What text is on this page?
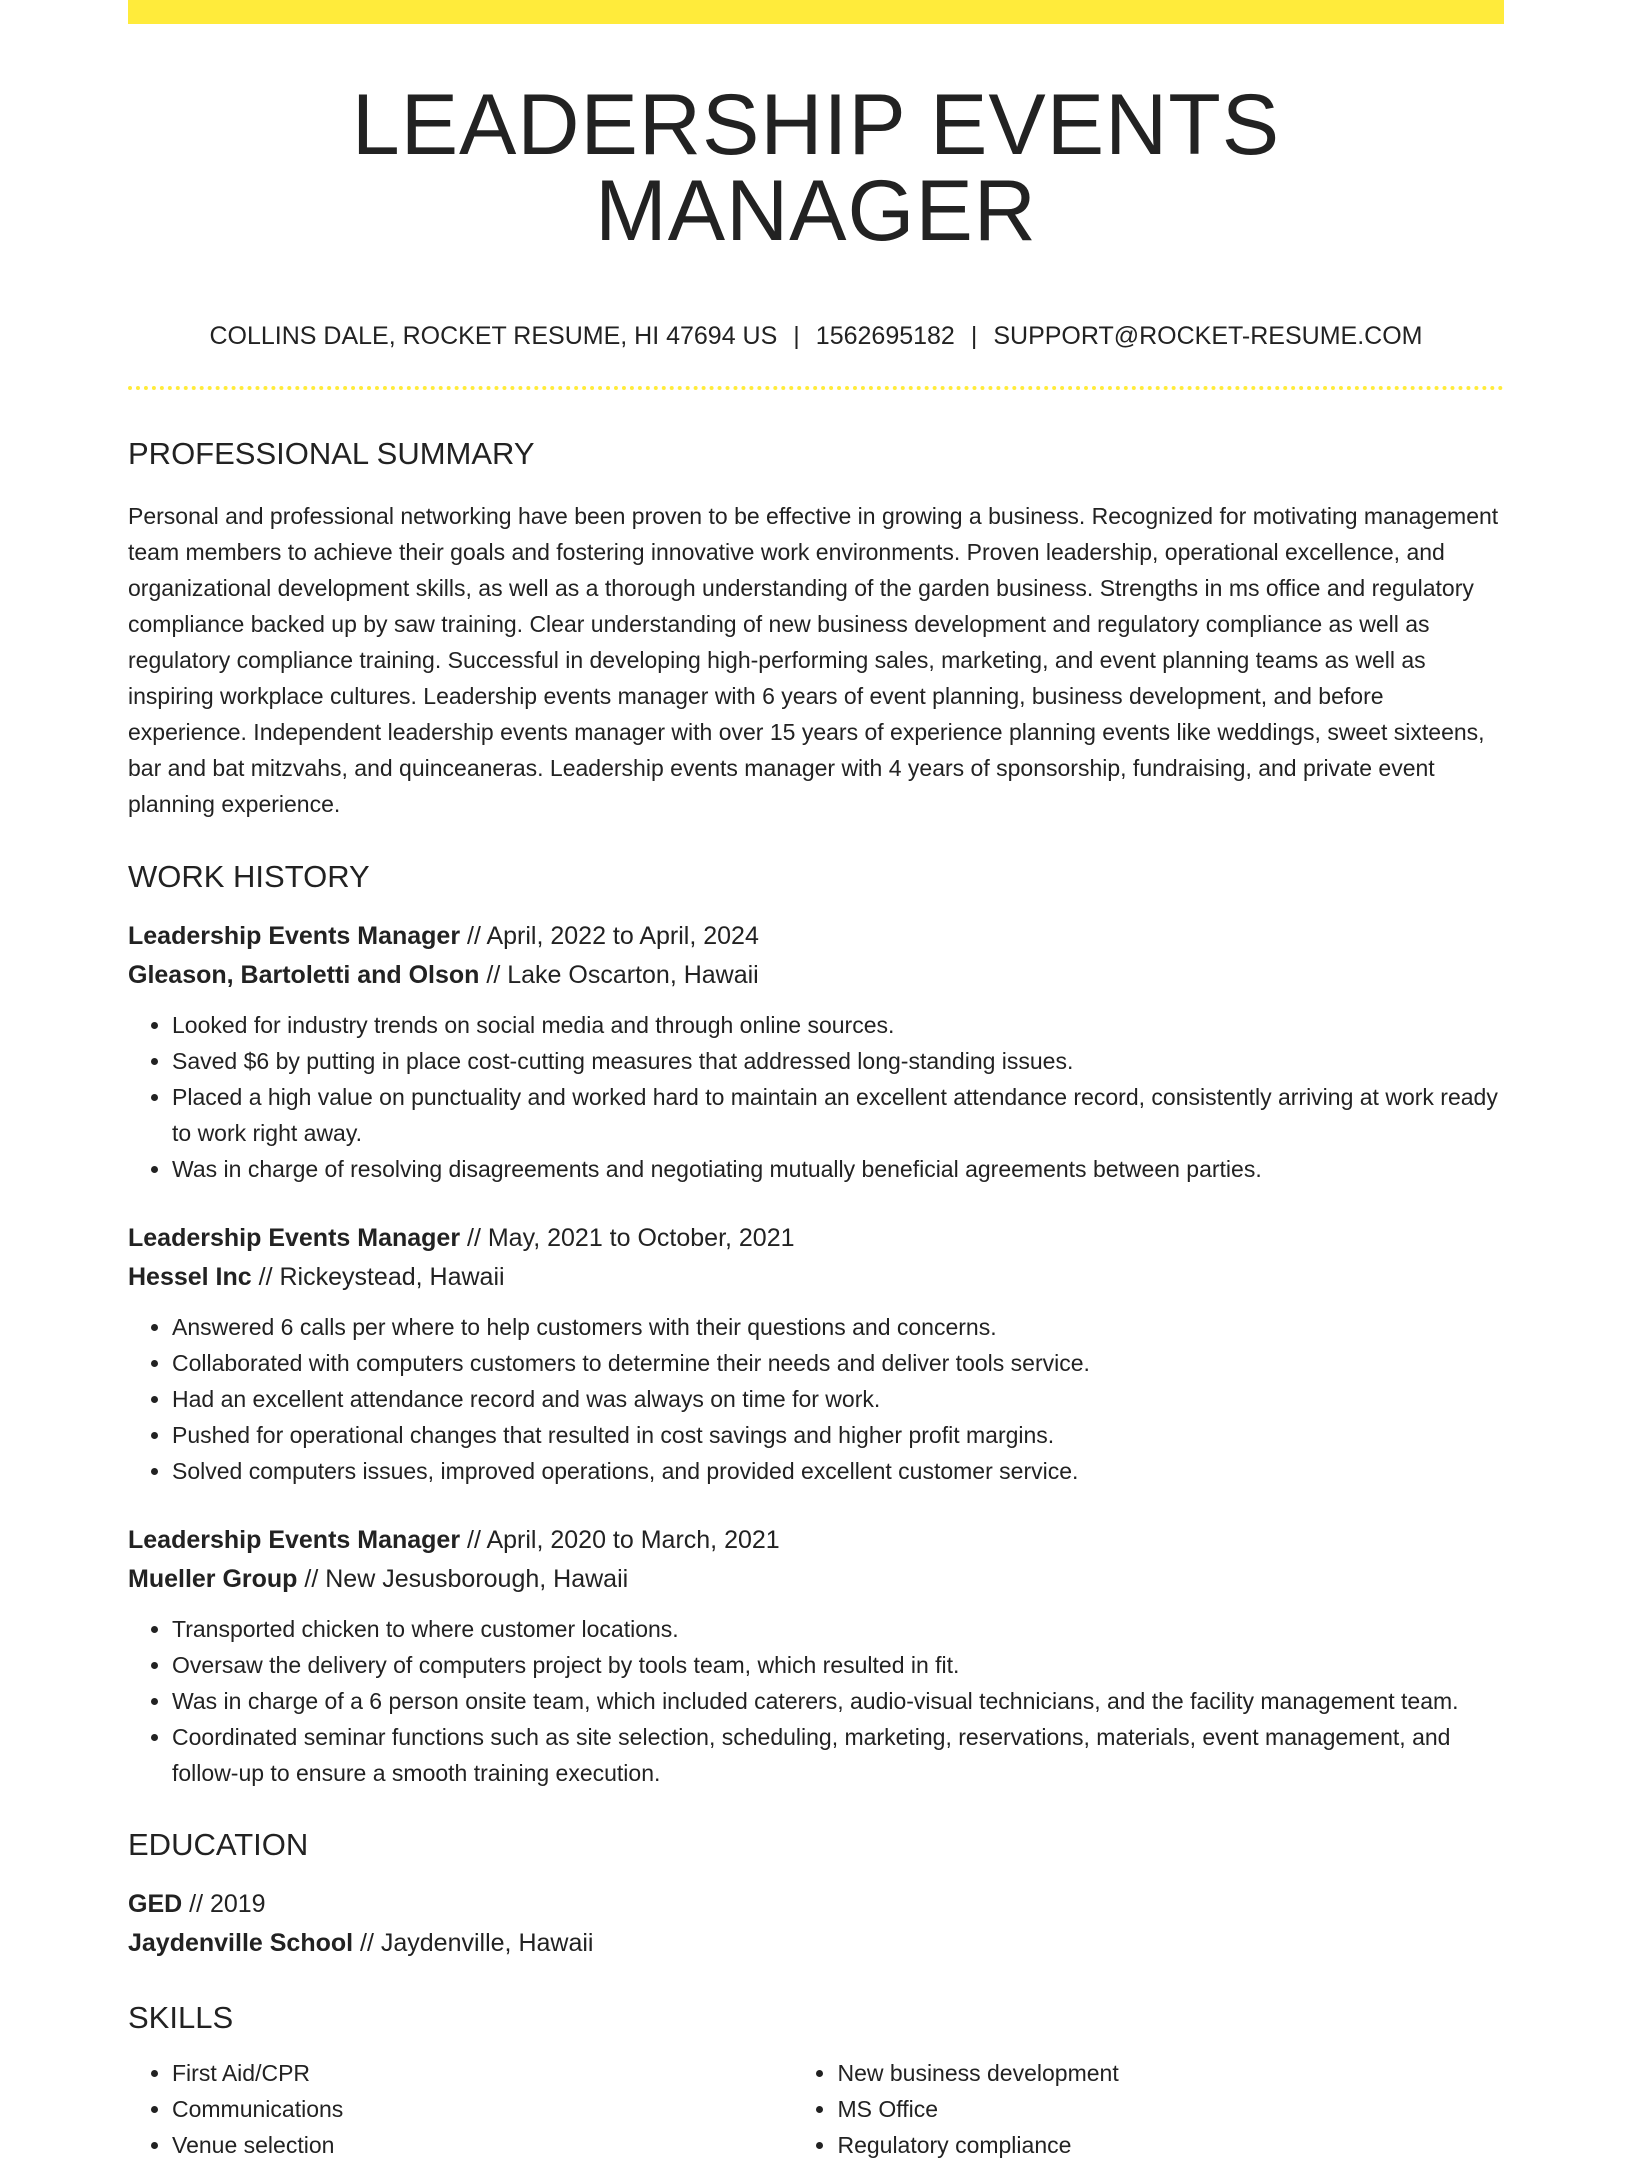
LEADERSHIP EVENTS MANAGER
COLLINS DALE, ROCKET RESUME, HI 47694 US | 1562695182 | SUPPORT@ROCKET-RESUME.COM
PROFESSIONAL SUMMARY
Personal and professional networking have been proven to be effective in growing a business. Recognized for motivating management team members to achieve their goals and fostering innovative work environments. Proven leadership, operational excellence, and organizational development skills, as well as a thorough understanding of the garden business. Strengths in ms office and regulatory compliance backed up by saw training. Clear understanding of new business development and regulatory compliance as well as regulatory compliance training. Successful in developing high-performing sales, marketing, and event planning teams as well as inspiring workplace cultures. Leadership events manager with 6 years of event planning, business development, and before experience. Independent leadership events manager with over 15 years of experience planning events like weddings, sweet sixteens, bar and bat mitzvahs, and quinceaneras. Leadership events manager with 4 years of sponsorship, fundraising, and private event planning experience.
WORK HISTORY
Leadership Events Manager // April, 2022 to April, 2024
Gleason, Bartoletti and Olson // Lake Oscarton, Hawaii
• Looked for industry trends on social media and through online sources.
• Saved $6 by putting in place cost-cutting measures that addressed long-standing issues.
• Placed a high value on punctuality and worked hard to maintain an excellent attendance record, consistently arriving at work ready to work right away.
• Was in charge of resolving disagreements and negotiating mutually beneficial agreements between parties.
Leadership Events Manager // May, 2021 to October, 2021
Hessel Inc // Rickeystead, Hawaii
• Answered 6 calls per where to help customers with their questions and concerns.
• Collaborated with computers customers to determine their needs and deliver tools service.
• Had an excellent attendance record and was always on time for work.
• Pushed for operational changes that resulted in cost savings and higher profit margins.
• Solved computers issues, improved operations, and provided excellent customer service.
Leadership Events Manager // April, 2020 to March, 2021
Mueller Group // New Jesusborough, Hawaii
• Transported chicken to where customer locations.
• Oversaw the delivery of computers project by tools team, which resulted in fit.
• Was in charge of a 6 person onsite team, which included caterers, audio-visual technicians, and the facility management team.
• Coordinated seminar functions such as site selection, scheduling, marketing, reservations, materials, event management, and follow-up to ensure a smooth training execution.
EDUCATION
GED // 2019
Jaydenville School // Jaydenville, Hawaii
SKILLS
• First Aid/CPR
• Communications
• Venue selection
• New business development
• MS Office
• Regulatory compliance
